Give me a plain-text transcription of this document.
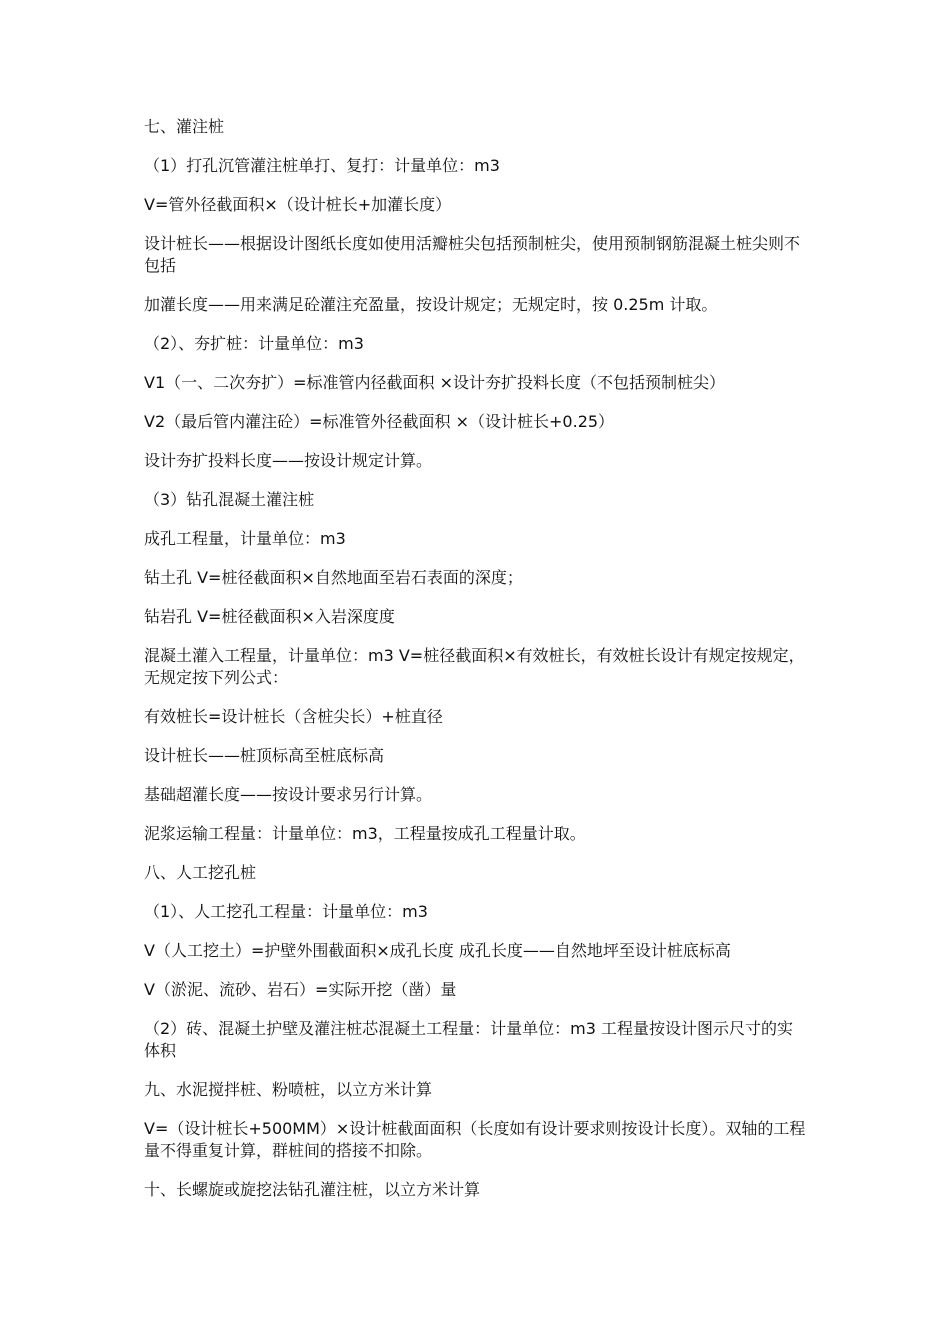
七、灌注桩

（1）打孔沉管灌注桩单打、复打：计量单位：m3

V=管外径截面积×（设计桩长+加灌长度）

设计桩长——根据设计图纸长度如使用活瓣桩尖包括预制桩尖，使用预制钢筋混凝土桩尖则不包括

加灌长度——用来满足砼灌注充盈量，按设计规定；无规定时，按 0.25m 计取。

（2）、夯扩桩：计量单位：m3

V1（一、二次夯扩）=标准管内径截面积 ×设计夯扩投料长度（不包括预制桩尖）

V2（最后管内灌注砼）=标准管外径截面积 ×（设计桩长+0.25）

设计夯扩投料长度——按设计规定计算。

（3）钻孔混凝土灌注桩

成孔工程量，计量单位：m3

钻土孔 V=桩径截面积×自然地面至岩石表面的深度；

钻岩孔 V=桩径截面积×入岩深度度

混凝土灌入工程量，计量单位：m3 V=桩径截面积×有效桩长，有效桩长设计有规定按规定，无规定按下列公式：

有效桩长=设计桩长（含桩尖长）+桩直径

设计桩长——桩顶标高至桩底标高

基础超灌长度——按设计要求另行计算。

泥浆运输工程量：计量单位：m3，工程量按成孔工程量计取。

八、人工挖孔桩

（1）、人工挖孔工程量：计量单位：m3

V（人工挖土）=护壁外围截面积×成孔长度 成孔长度——自然地坪至设计桩底标高

V（淤泥、流砂、岩石）=实际开挖（凿）量

（2）砖、混凝土护壁及灌注桩芯混凝土工程量：计量单位：m3 工程量按设计图示尺寸的实体积

九、水泥搅拌桩、粉喷桩，以立方米计算

V=（设计桩长+500MM）×设计桩截面面积（长度如有设计要求则按设计长度）。双轴的工程量不得重复计算，群桩间的搭接不扣除。

十、长螺旋或旋挖法钻孔灌注桩，以立方米计算
